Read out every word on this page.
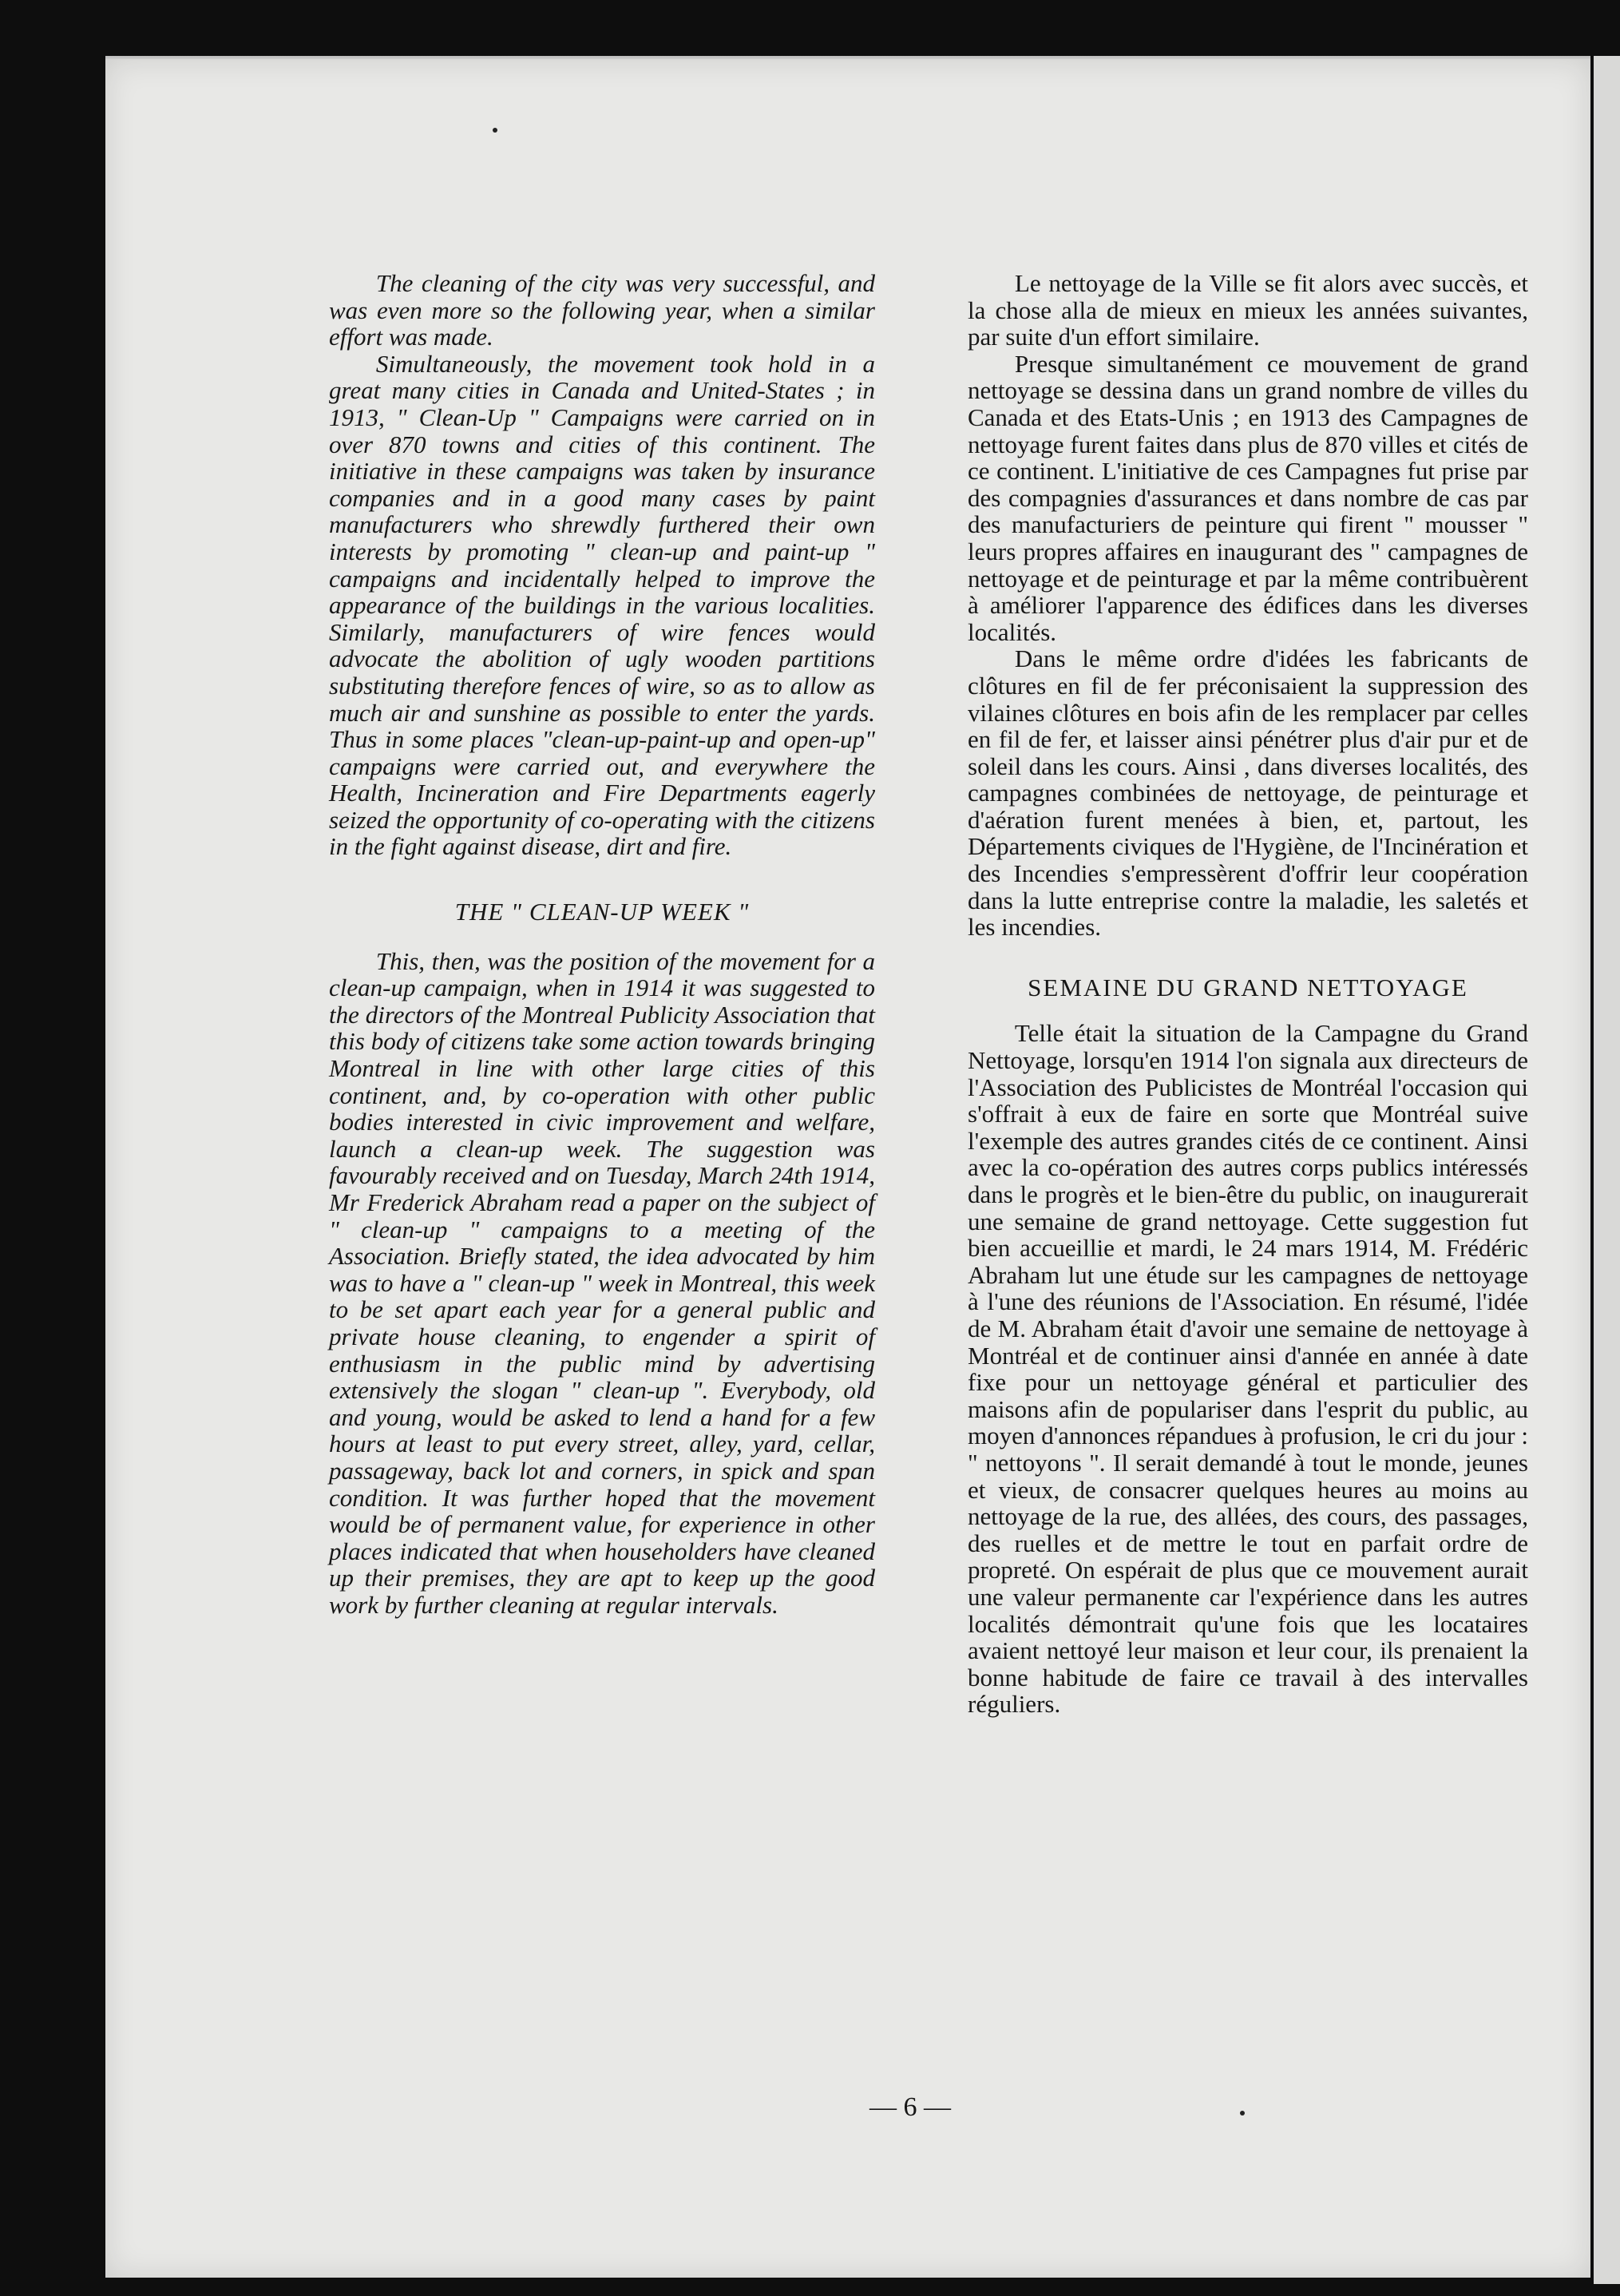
The cleaning of the city was very successful, and was even more so the following year, when a similar effort was made.

Simultaneously, the movement took hold in a great many cities in Canada and United-States ; in 1913, " Clean-Up " Campaigns were carried on in over 870 towns and cities of this continent. The initiative in these campaigns was taken by insurance companies and in a good many cases by paint manufacturers who shrewdly furthered their own interests by promoting " clean-up and paint-up " campaigns and incidentally helped to improve the appearance of the buildings in the various localities. Similarly, manufacturers of wire fences would advocate the abolition of ugly wooden partitions substituting therefore fences of wire, so as to allow as much air and sunshine as possible to enter the yards. Thus in some places "clean-up-paint-up and open-up" campaigns were carried out, and everywhere the Health, Incineration and Fire Departments eagerly seized the opportunity of co-operating with the citizens in the fight against disease, dirt and fire.

THE " CLEAN-UP WEEK "

This, then, was the position of the movement for a clean-up campaign, when in 1914 it was suggested to the directors of the Montreal Publicity Association that this body of citizens take some action towards bringing Montreal in line with other large cities of this continent, and, by co-operation with other public bodies interested in civic improvement and welfare, launch a clean-up week. The suggestion was favourably received and on Tuesday, March 24th 1914, Mr Frederick Abraham read a paper on the subject of " clean-up " campaigns to a meeting of the Association. Briefly stated, the idea advocated by him was to have a " clean-up " week in Montreal, this week to be set apart each year for a general public and private house cleaning, to engender a spirit of enthusiasm in the public mind by advertising extensively the slogan " clean-up ". Everybody, old and young, would be asked to lend a hand for a few hours at least to put every street, alley, yard, cellar, passageway, back lot and corners, in spick and span condition. It was further hoped that the movement would be of permanent value, for experience in other places indicated that when householders have cleaned up their premises, they are apt to keep up the good work by further cleaning at regular intervals.

Le nettoyage de la Ville se fit alors avec succès, et la chose alla de mieux en mieux les années suivantes, par suite d'un effort similaire.

Presque simultanément ce mouvement de grand nettoyage se dessina dans un grand nombre de villes du Canada et des Etats-Unis ; en 1913 des Campagnes de nettoyage furent faites dans plus de 870 villes et cités de ce continent. L'initiative de ces Campagnes fut prise par des compagnies d'assurances et dans nombre de cas par des manufacturiers de peinture qui firent " mousser " leurs propres affaires en inaugurant des " campagnes de nettoyage et de peinturage et par la même contribuèrent à améliorer l'apparence des édifices dans les diverses localités.

Dans le même ordre d'idées les fabricants de clôtures en fil de fer préconisaient la suppression des vilaines clôtures en bois afin de les remplacer par celles en fil de fer, et laisser ainsi pénétrer plus d'air pur et de soleil dans les cours. Ainsi , dans diverses localités, des campagnes combinées de nettoyage, de peinturage et d'aération furent menées à bien, et, partout, les Départements civiques de l'Hygiène, de l'Incinération et des Incendies s'empressèrent d'offrir leur coopération dans la lutte entreprise contre la maladie, les saletés et les incendies.

SEMAINE DU GRAND NETTOYAGE

Telle était la situation de la Campagne du Grand Nettoyage, lorsqu'en 1914 l'on signala aux directeurs de l'Association des Publicistes de Montréal l'occasion qui s'offrait à eux de faire en sorte que Montréal suive l'exemple des autres grandes cités de ce continent. Ainsi avec la co-opération des autres corps publics intéressés dans le progrès et le bien-être du public, on inaugurerait une semaine de grand nettoyage. Cette suggestion fut bien accueillie et mardi, le 24 mars 1914, M. Frédéric Abraham lut une étude sur les campagnes de nettoyage à l'une des réunions de l'Association. En résumé, l'idée de M. Abraham était d'avoir une semaine de nettoyage à Montréal et de continuer ainsi d'année en année à date fixe pour un nettoyage général et particulier des maisons afin de populariser dans l'esprit du public, au moyen d'annonces répandues à profusion, le cri du jour : " nettoyons ". Il serait demandé à tout le monde, jeunes et vieux, de consacrer quelques heures au moins au nettoyage de la rue, des allées, des cours, des passages, des ruelles et de mettre le tout en parfait ordre de propreté. On espérait de plus que ce mouvement aurait une valeur permanente car l'expérience dans les autres localités démontrait qu'une fois que les locataires avaient nettoyé leur maison et leur cour, ils prenaient la bonne habitude de faire ce travail à des intervalles réguliers.

— 6 —
